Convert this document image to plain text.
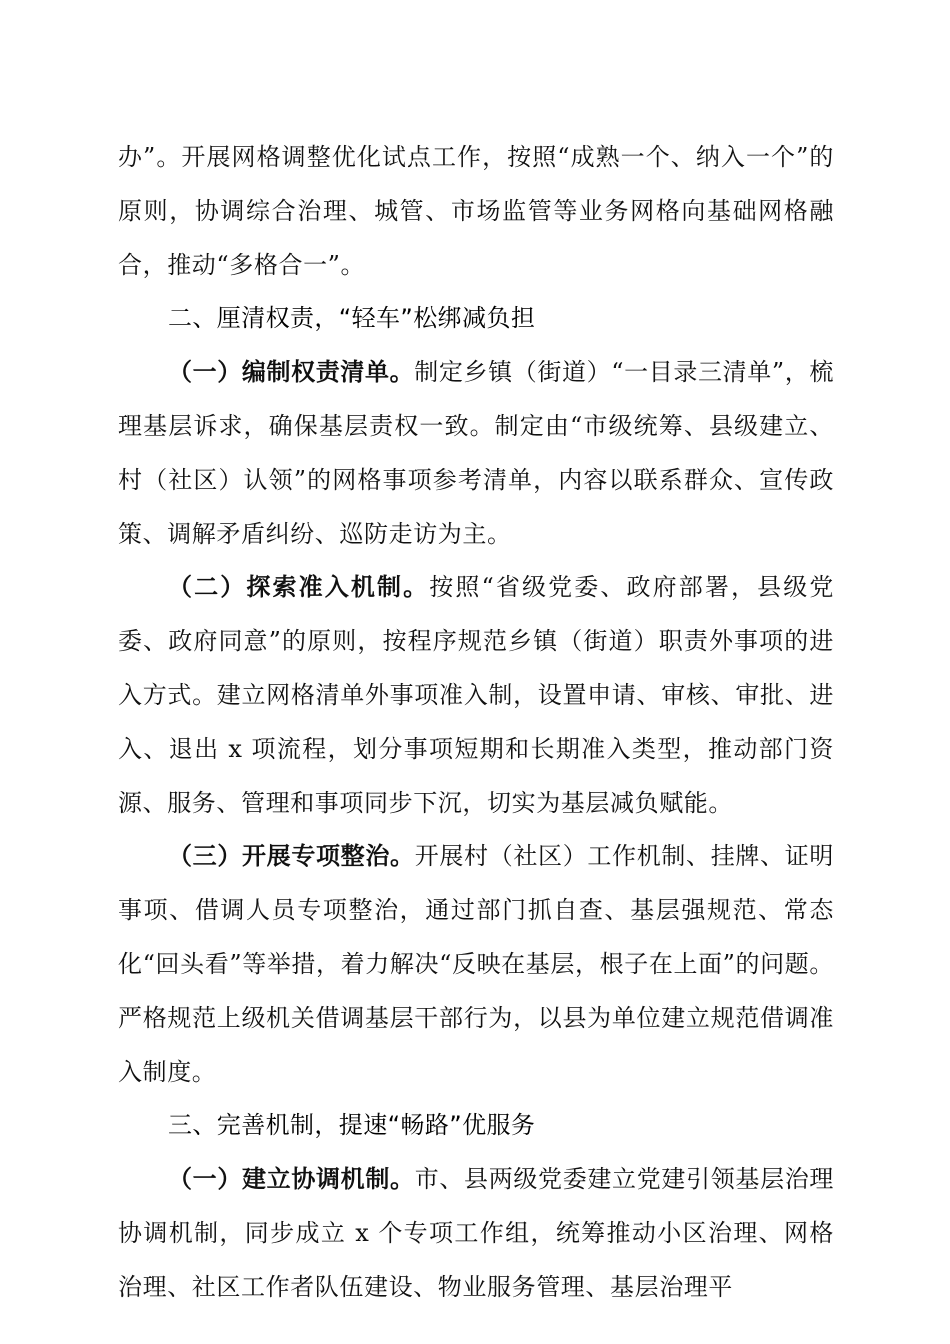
办”。开展网格调整优化试点工作，按照“成熟一个、纳入一个”的原则，协调综合治理、城管、市场监管等业务网格向基础网格融合，推动“多格合一”。

二、厘清权责，“轻车”松绑减负担

（一）编制权责清单。制定乡镇（街道）“一目录三清单”，梳理基层诉求，确保基层责权一致。制定由“市级统筹、县级建立、村（社区）认领”的网格事项参考清单，内容以联系群众、宣传政策、调解矛盾纠纷、巡防走访为主。

（二）探索准入机制。按照“省级党委、政府部署，县级党委、政府同意”的原则，按程序规范乡镇（街道）职责外事项的进入方式。建立网格清单外事项准入制，设置申请、审核、审批、进入、退出 x 项流程，划分事项短期和长期准入类型，推动部门资源、服务、管理和事项同步下沉，切实为基层减负赋能。

（三）开展专项整治。开展村（社区）工作机制、挂牌、证明事项、借调人员专项整治，通过部门抓自查、基层强规范、常态化“回头看”等举措，着力解决“反映在基层，根子在上面”的问题。严格规范上级机关借调基层干部行为，以县为单位建立规范借调准入制度。

三、完善机制，提速“畅路”优服务

（一）建立协调机制。市、县两级党委建立党建引领基层治理协调机制，同步成立 x 个专项工作组，统筹推动小区治理、网格治理、社区工作者队伍建设、物业服务管理、基层治理平
